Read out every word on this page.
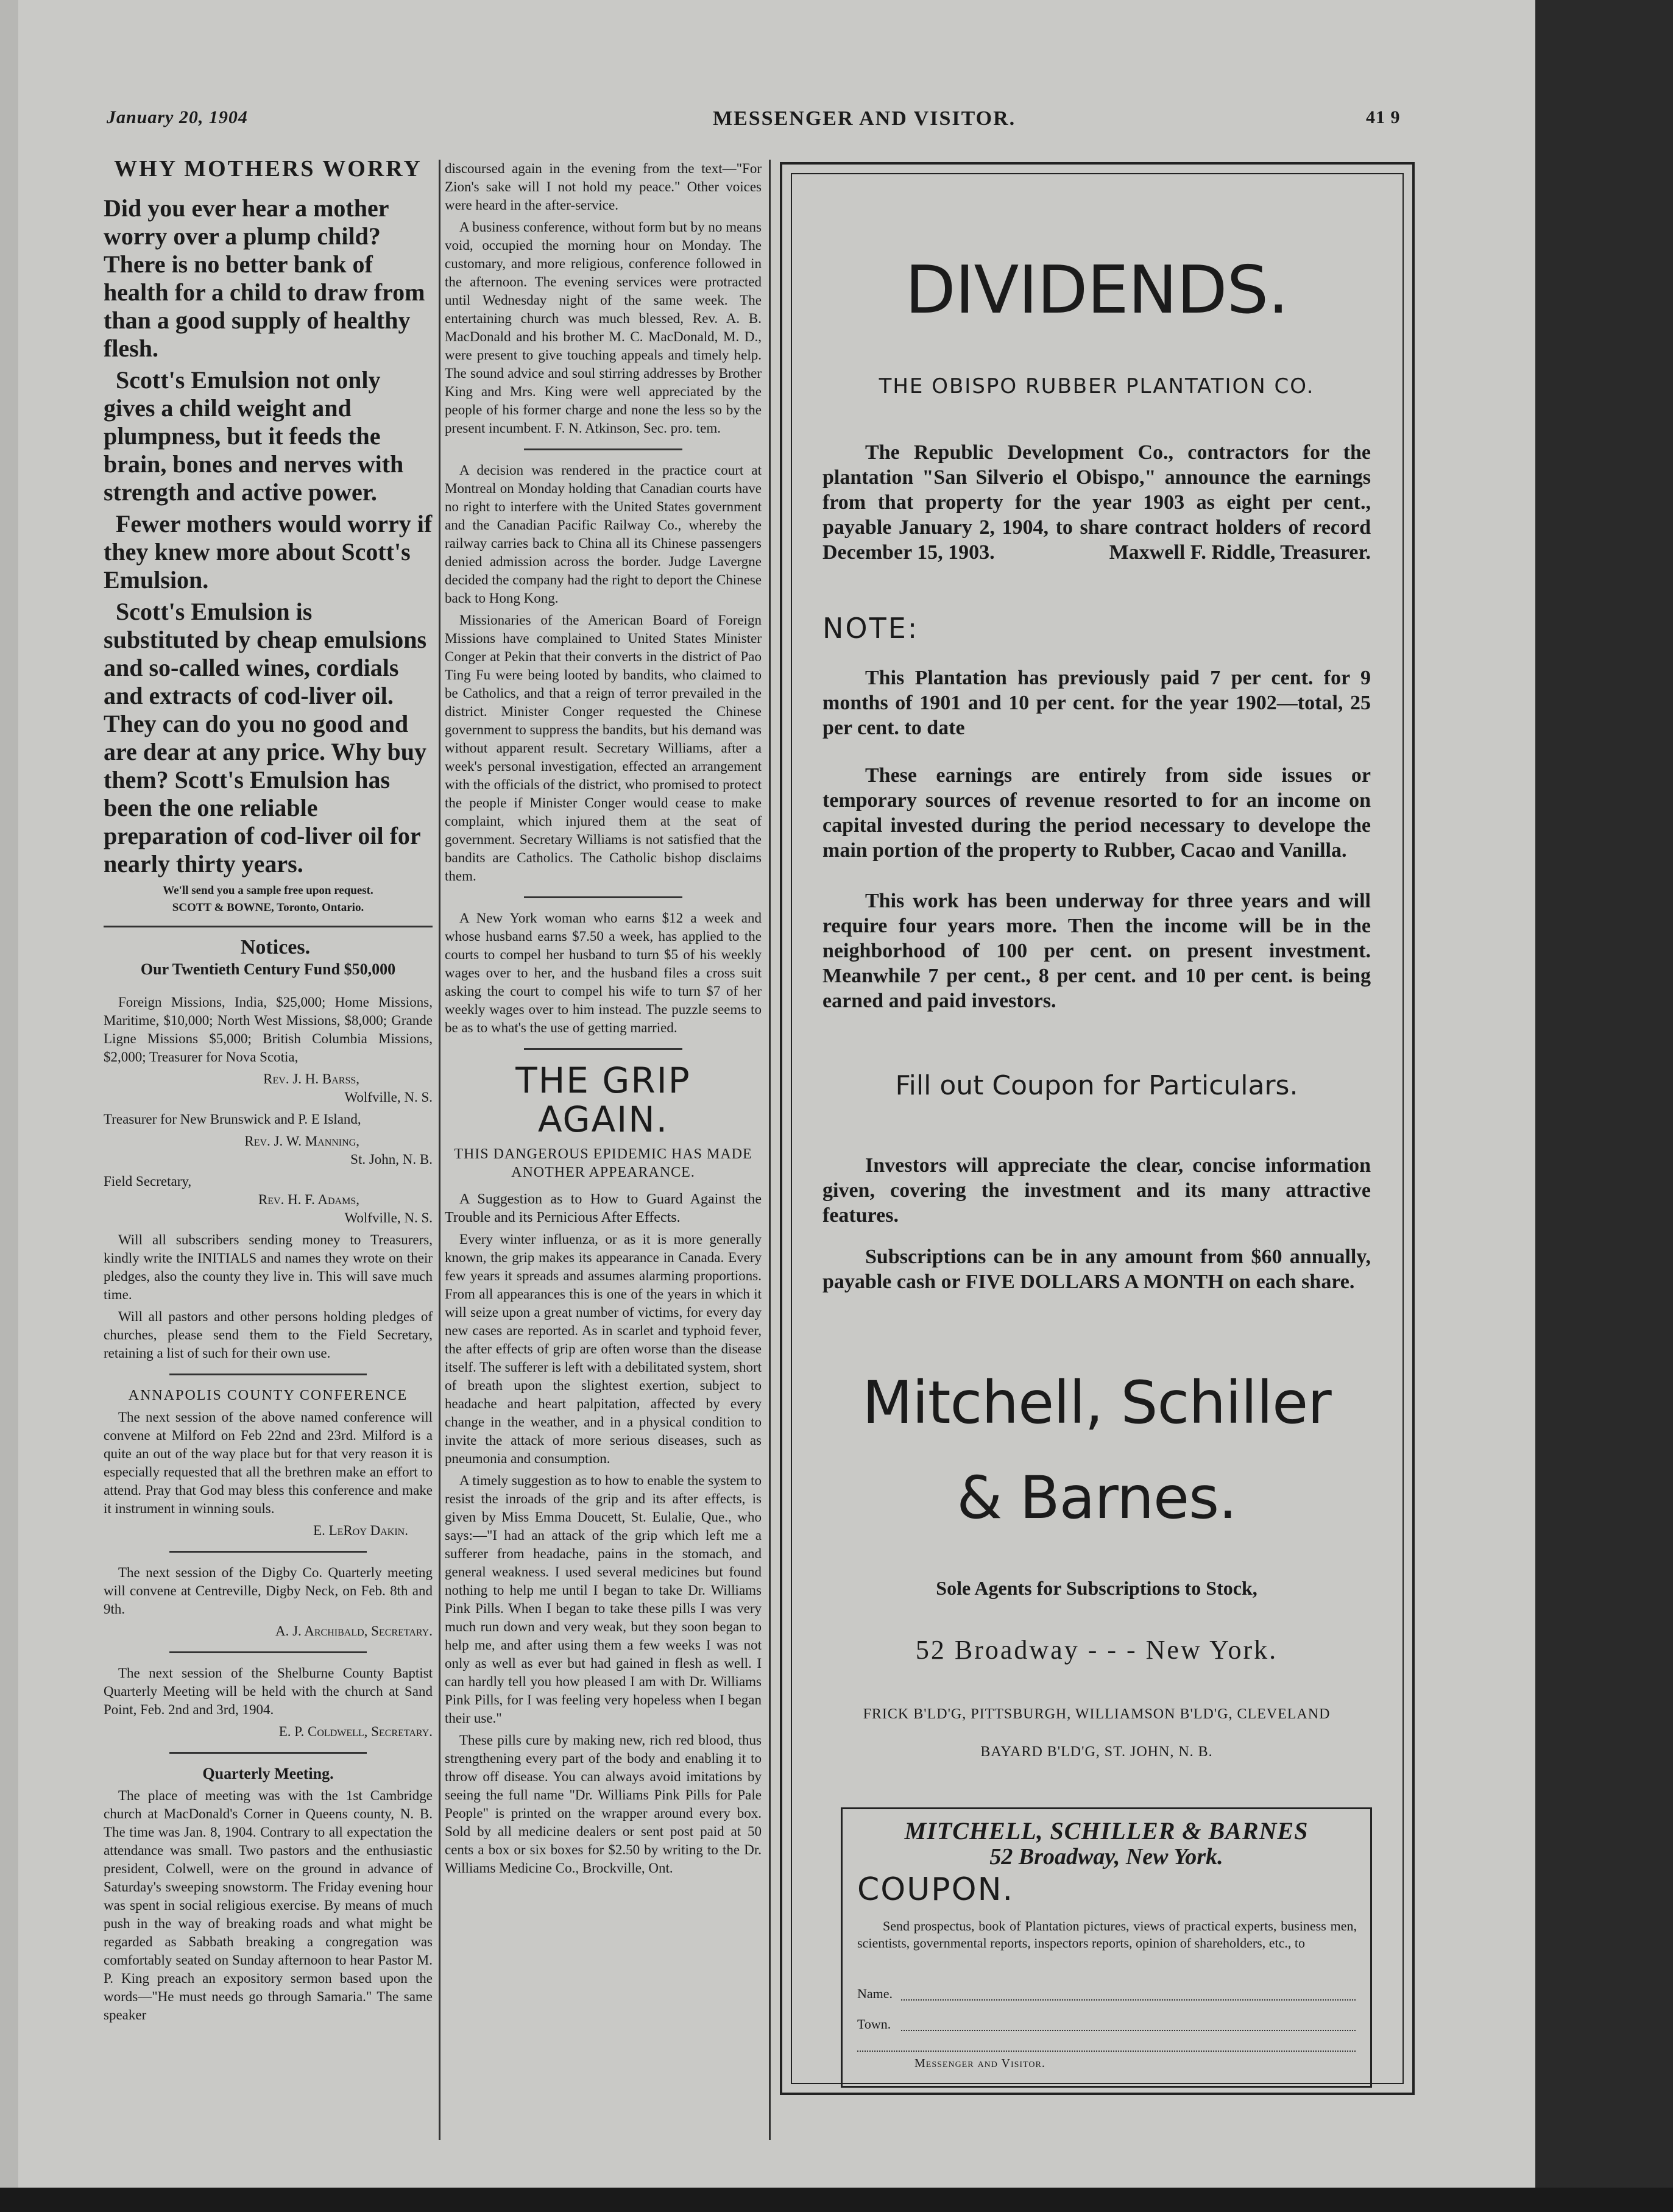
January 20, 1904	MESSENGER AND VISITOR.	41 9
WHY MOTHERS WORRY

Did you ever hear a mother worry over a plump child? There is no better bank of health for a child to draw from than a good supply of healthy flesh.

Scott's Emulsion not only gives a child weight and plumpness, but it feeds the brain, bones and nerves with strength and active power.

Fewer mothers would worry if they knew more about Scott's Emulsion.

Scott's Emulsion is substituted by cheap emulsions and so-called wines, cordials and extracts of cod-liver oil. They can do you no good and are dear at any price. Why buy them? Scott's Emulsion has been the one reliable preparation of cod-liver oil for nearly thirty years.

We'll send you a sample free upon request.

SCOTT & BOWNE, Toronto, Ontario.

Notices.

Our Twentieth Century Fund $50,000

Foreign Missions, India, $25,000; Home Missions, Maritime, $10,000; North West Missions, $8,000; Grande Ligne Missions $5,000; British Columbia Missions, $2,000; Treasurer for Nova Scotia,

Rev. J. H. Barss,

Wolfville, N. S.

Treasurer for New Brunswick and P. E Island,

Rev. J. W. Manning,

St. John, N. B.

Field Secretary,

Rev. H. F. Adams,

Wolfville, N. S.

Will all subscribers sending money to Treasurers, kindly write the INITIALS and names they wrote on their pledges, also the county they live in. This will save much time.

Will all pastors and other persons holding pledges of churches, please send them to the Field Secretary, retaining a list of such for their own use.

ANNAPOLIS COUNTY CONFERENCE

The next session of the above named conference will convene at Milford on Feb 22nd and 23rd. Milford is a quite an out of the way place but for that very reason it is especially requested that all the brethren make an effort to attend. Pray that God may bless this conference and make it instrument in winning souls.

E. LeRoy Dakin.

The next session of the Digby Co. Quarterly meeting will convene at Centreville, Digby Neck, on Feb. 8th and 9th.

A. J. Archibald, Secretary.

The next session of the Shelburne County Baptist Quarterly Meeting will be held with the church at Sand Point, Feb. 2nd and 3rd, 1904.

E. P. Coldwell, Secretary.

Quarterly Meeting.

The place of meeting was with the 1st Cambridge church at MacDonald's Corner in Queens county, N. B. The time was Jan. 8, 1904. Contrary to all expectation the attendance was small. Two pastors and the enthusiastic president, Colwell, were on the ground in advance of Saturday's sweeping snowstorm. The Friday evening hour was spent in social religious exercise. By means of much push in the way of breaking roads and what might be regarded as Sabbath breaking a congregation was comfortably seated on Sunday afternoon to hear Pastor M. P. King preach an expository sermon based upon the words—"He must needs go through Samaria." The same speaker

discoursed again in the evening from the text—"For Zion's sake will I not hold my peace." Other voices were heard in the after-service.

A business conference, without form but by no means void, occupied the morning hour on Monday. The customary, and more religious, conference followed in the afternoon. The evening services were protracted until Wednesday night of the same week. The entertaining church was much blessed, Rev. A. B. MacDonald and his brother M. C. MacDonald, M. D., were present to give touching appeals and timely help. The sound advice and soul stirring addresses by Brother King and Mrs. King were well appreciated by the people of his former charge and none the less so by the present incumbent. F. N. Atkinson, Sec. pro. tem.

A decision was rendered in the practice court at Montreal on Monday holding that Canadian courts have no right to interfere with the United States government and the Canadian Pacific Railway Co., whereby the railway carries back to China all its Chinese passengers denied admission across the border. Judge Lavergne decided the company had the right to deport the Chinese back to Hong Kong.

Missionaries of the American Board of Foreign Missions have complained to United States Minister Conger at Pekin that their converts in the district of Pao Ting Fu were being looted by bandits, who claimed to be Catholics, and that a reign of terror prevailed in the district. Minister Conger requested the Chinese government to suppress the bandits, but his demand was without apparent result. Secretary Williams, after a week's personal investigation, effected an arrangement with the officials of the district, who promised to protect the people if Minister Conger would cease to make complaint, which injured them at the seat of government. Secretary Williams is not satisfied that the bandits are Catholics. The Catholic bishop disclaims them.

A New York woman who earns $12 a week and whose husband earns $7.50 a week, has applied to the courts to compel her husband to turn $5 of his weekly wages over to her, and the husband files a cross suit asking the court to compel his wife to turn $7 of her weekly wages over to him instead. The puzzle seems to be as to what's the use of getting married.

THE GRIP AGAIN.
THIS DANGEROUS EPIDEMIC HAS MADE ANOTHER APPEARANCE.

A Suggestion as to How to Guard Against the Trouble and its Pernicious After Effects.

Every winter influenza, or as it is more generally known, the grip makes its appearance in Canada. Every few years it spreads and assumes alarming proportions. From all appearances this is one of the years in which it will seize upon a great number of victims, for every day new cases are reported. As in scarlet and typhoid fever, the after effects of grip are often worse than the disease itself. The sufferer is left with a debilitated system, short of breath upon the slightest exertion, subject to headache and heart palpitation, affected by every change in the weather, and in a physical condition to invite the attack of more serious diseases, such as pneumonia and consumption.

A timely suggestion as to how to enable the system to resist the inroads of the grip and its after effects, is given by Miss Emma Doucett, St. Eulalie, Que., who says:—"I had an attack of the grip which left me a sufferer from headache, pains in the stomach, and general weakness. I used several medicines but found nothing to help me until I began to take Dr. Williams Pink Pills. When I began to take these pills I was very much run down and very weak, but they soon began to help me, and after using them a few weeks I was not only as well as ever but had gained in flesh as well. I can hardly tell you how pleased I am with Dr. Williams Pink Pills, for I was feeling very hopeless when I began their use."

These pills cure by making new, rich red blood, thus strengthening every part of the body and enabling it to throw off disease. You can always avoid imitations by seeing the full name "Dr. Williams Pink Pills for Pale People" is printed on the wrapper around every box. Sold by all medicine dealers or sent post paid at 50 cents a box or six boxes for $2.50 by writing to the Dr. Williams Medicine Co., Brockville, Ont.

DIVIDENDS.
THE OBISPO RUBBER PLANTATION CO.
The Republic Development Co., contractors for the plantation "San Silverio el Obispo," announce the earnings from that property for the year 1903 as eight per cent., payable January 2, 1904, to share contract holders of record December 15, 1903.	Maxwell F. Riddle, Treasurer.
NOTE:
This Plantation has previously paid 7 per cent. for 9 months of 1901 and 10 per cent. for the year 1902—total, 25 per cent. to date
These earnings are entirely from side issues or temporary sources of revenue resorted to for an income on capital invested during the period necessary to develope the main portion of the property to Rubber, Cacao and Vanilla.
This work has been underway for three years and will require four years more. Then the income will be in the neighborhood of 100 per cent. on present investment. Meanwhile 7 per cent., 8 per cent. and 10 per cent. is being earned and paid investors.
Fill out Coupon for Particulars.
Investors will appreciate the clear, concise information given, covering the investment and its many attractive features.
Subscriptions can be in any amount from $60 annually, payable cash or FIVE DOLLARS A MONTH on each share.
Mitchell, Schiller
& Barnes.
Sole Agents for Subscriptions to Stock,
52 Broadway - - - New York.
FRICK B'LD'G, PITTSBURGH, WILLIAMSON B'LD'G, CLEVELAND
BAYARD B'LD'G, ST. JOHN, N. B.
MITCHELL, SCHILLER & BARNES
52 Broadway, New York.
COUPON.
Send prospectus, book of Plantation pictures, views of practical experts, business men, scientists, governmental reports, inspectors reports, opinion of shareholders, etc., to
Name.
Town.
Messenger and Visitor.
